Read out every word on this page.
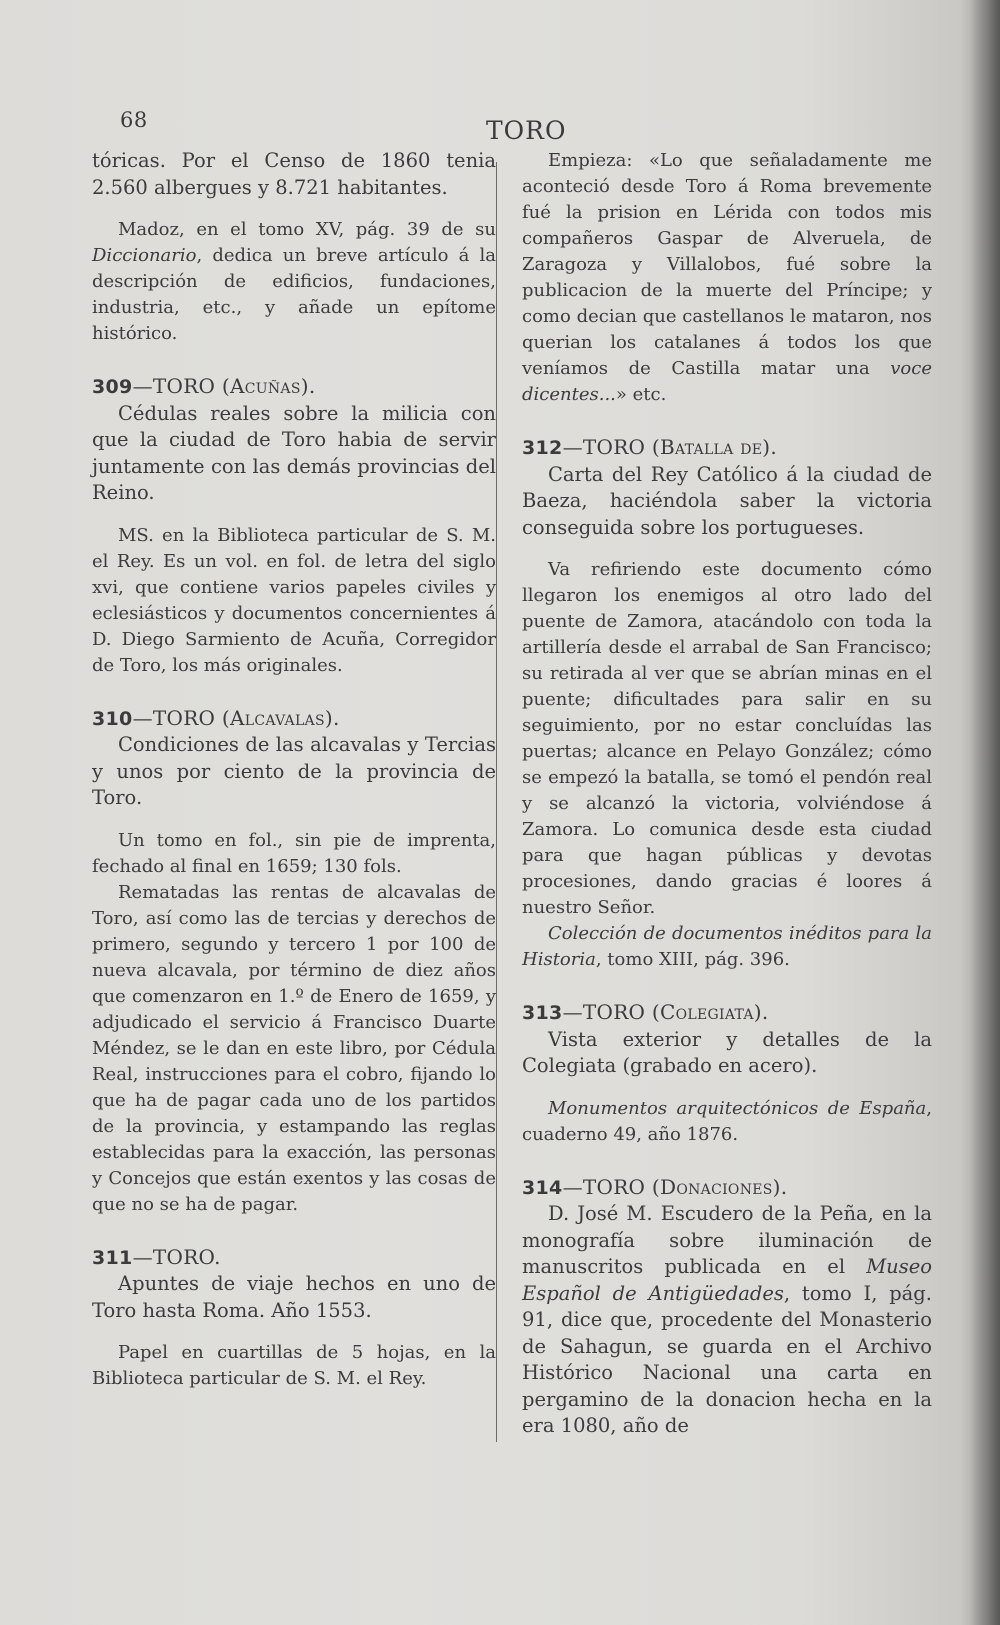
68	TORO

tóricas. Por el Censo de 1860 tenia 2.560 albergues y 8.721 habitantes.

Madoz, en el tomo XV, pág. 39 de su Diccionario, dedica un breve artículo á la descripción de edificios, fundaciones, industria, etc., y añade un epítome histórico.

309—TORO (Acuñas).

Cédulas reales sobre la milicia con que la ciudad de Toro habia de servir juntamente con las demás provincias del Reino.

MS. en la Biblioteca particular de S. M. el Rey. Es un vol. en fol. de letra del siglo xvi, que contiene varios papeles civiles y eclesiásticos y documentos concernientes á D. Diego Sarmiento de Acuña, Corregidor de Toro, los más originales.

310—TORO (Alcavalas).

Condiciones de las alcavalas y Tercias y unos por ciento de la provincia de Toro.

Un tomo en fol., sin pie de imprenta, fechado al final en 1659; 130 fols.

Rematadas las rentas de alcavalas de Toro, así como las de tercias y derechos de primero, segundo y tercero 1 por 100 de nueva alcavala, por término de diez años que comenzaron en 1.º de Enero de 1659, y adjudicado el servicio á Francisco Duarte Méndez, se le dan en este libro, por Cédula Real, instrucciones para el cobro, fijando lo que ha de pagar cada uno de los partidos de la provincia, y estampando las reglas establecidas para la exacción, las personas y Concejos que están exentos y las cosas de que no se ha de pagar.

311—TORO.

Apuntes de viaje hechos en uno de Toro hasta Roma. Año 1553.

Papel en cuartillas de 5 hojas, en la Biblioteca particular de S. M. el Rey.

Empieza: «Lo que señaladamente me aconteció desde Toro á Roma brevemente fué la prision en Lérida con todos mis compañeros Gaspar de Alveruela, de Zaragoza y Villalobos, fué sobre la publicacion de la muerte del Príncipe; y como decian que castellanos le mataron, nos querian los catalanes á todos los que veníamos de Castilla matar una voce dicentes...» etc.

312—TORO (Batalla de).

Carta del Rey Católico á la ciudad de Baeza, haciéndola saber la victoria conseguida sobre los portugueses.

Va refiriendo este documento cómo llegaron los enemigos al otro lado del puente de Zamora, atacándolo con toda la artillería desde el arrabal de San Francisco; su retirada al ver que se abrían minas en el puente; dificultades para salir en su seguimiento, por no estar concluídas las puertas; alcance en Pelayo González; cómo se empezó la batalla, se tomó el pendón real y se alcanzó la victoria, volviéndose á Zamora. Lo comunica desde esta ciudad para que hagan públicas y devotas procesiones, dando gracias é loores á nuestro Señor.

Colección de documentos inéditos para la Historia, tomo XIII, pág. 396.

313—TORO (Colegiata).

Vista exterior y detalles de la Colegiata (grabado en acero).

Monumentos arquitectónicos de España, cuaderno 49, año 1876.

314—TORO (Donaciones).

D. José M. Escudero de la Peña, en la monografía sobre iluminación de manuscritos publicada en el Museo Español de Antigüedades, tomo I, pág. 91, dice que, procedente del Monasterio de Sahagun, se guarda en el Archivo Histórico Nacional una carta en pergamino de la donacion hecha en la era 1080, año de
